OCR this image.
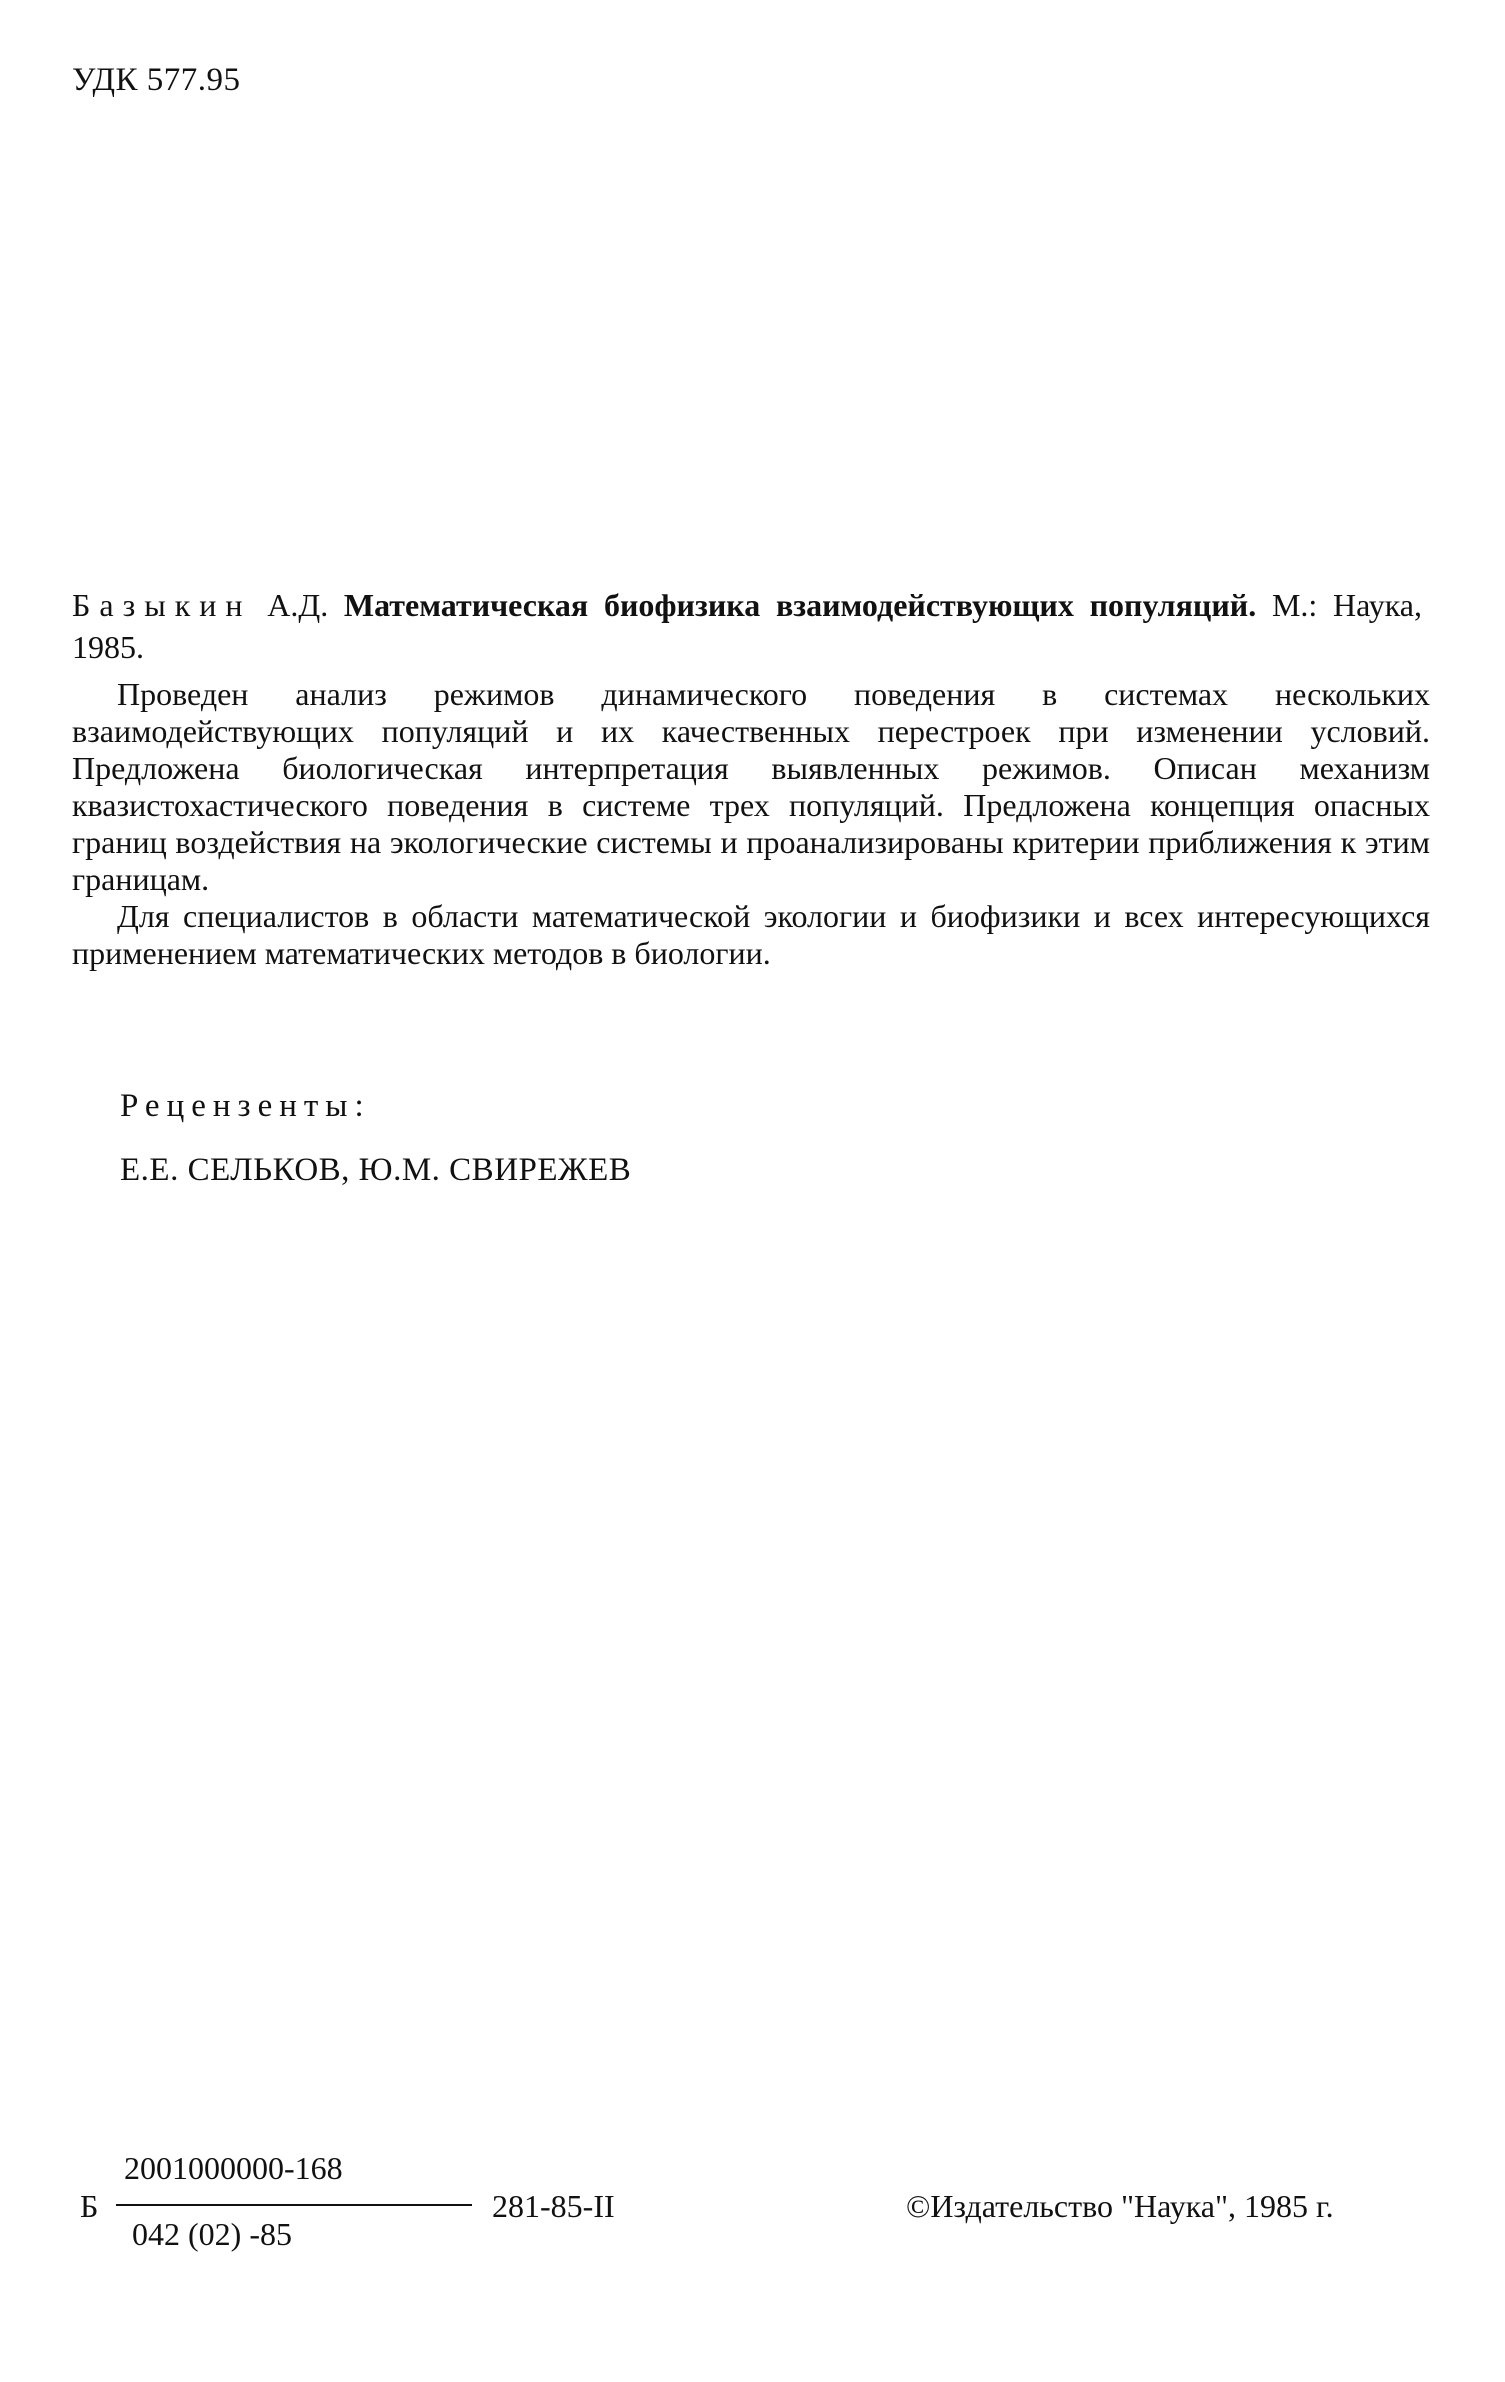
УДК 577.95
Базыкин А.Д. Математическая биофизика взаимодействующих популяций. М.: Наука, 1985.

Проведен анализ режимов динамического поведения в системах нескольких взаимодействующих популяций и их качественных перестроек при изменении условий. Предложена биологическая интерпретация выявленных режимов. Описан механизм квазистохастического поведения в системе трех популяций. Предложена концепция опасных границ воздействия на экологические системы и проанализированы критерии приближения к этим границам.

Для специалистов в области математической экологии и биофизики и всех интересующихся применением математических методов в биологии.

Рецензенты:
Е.Е. СЕЛЬКОВ, Ю.М. СВИРЕЖЕВ
Б
2001000000-168
042 (02) -85
281-85-II	©Издательство "Наука", 1985 г.
